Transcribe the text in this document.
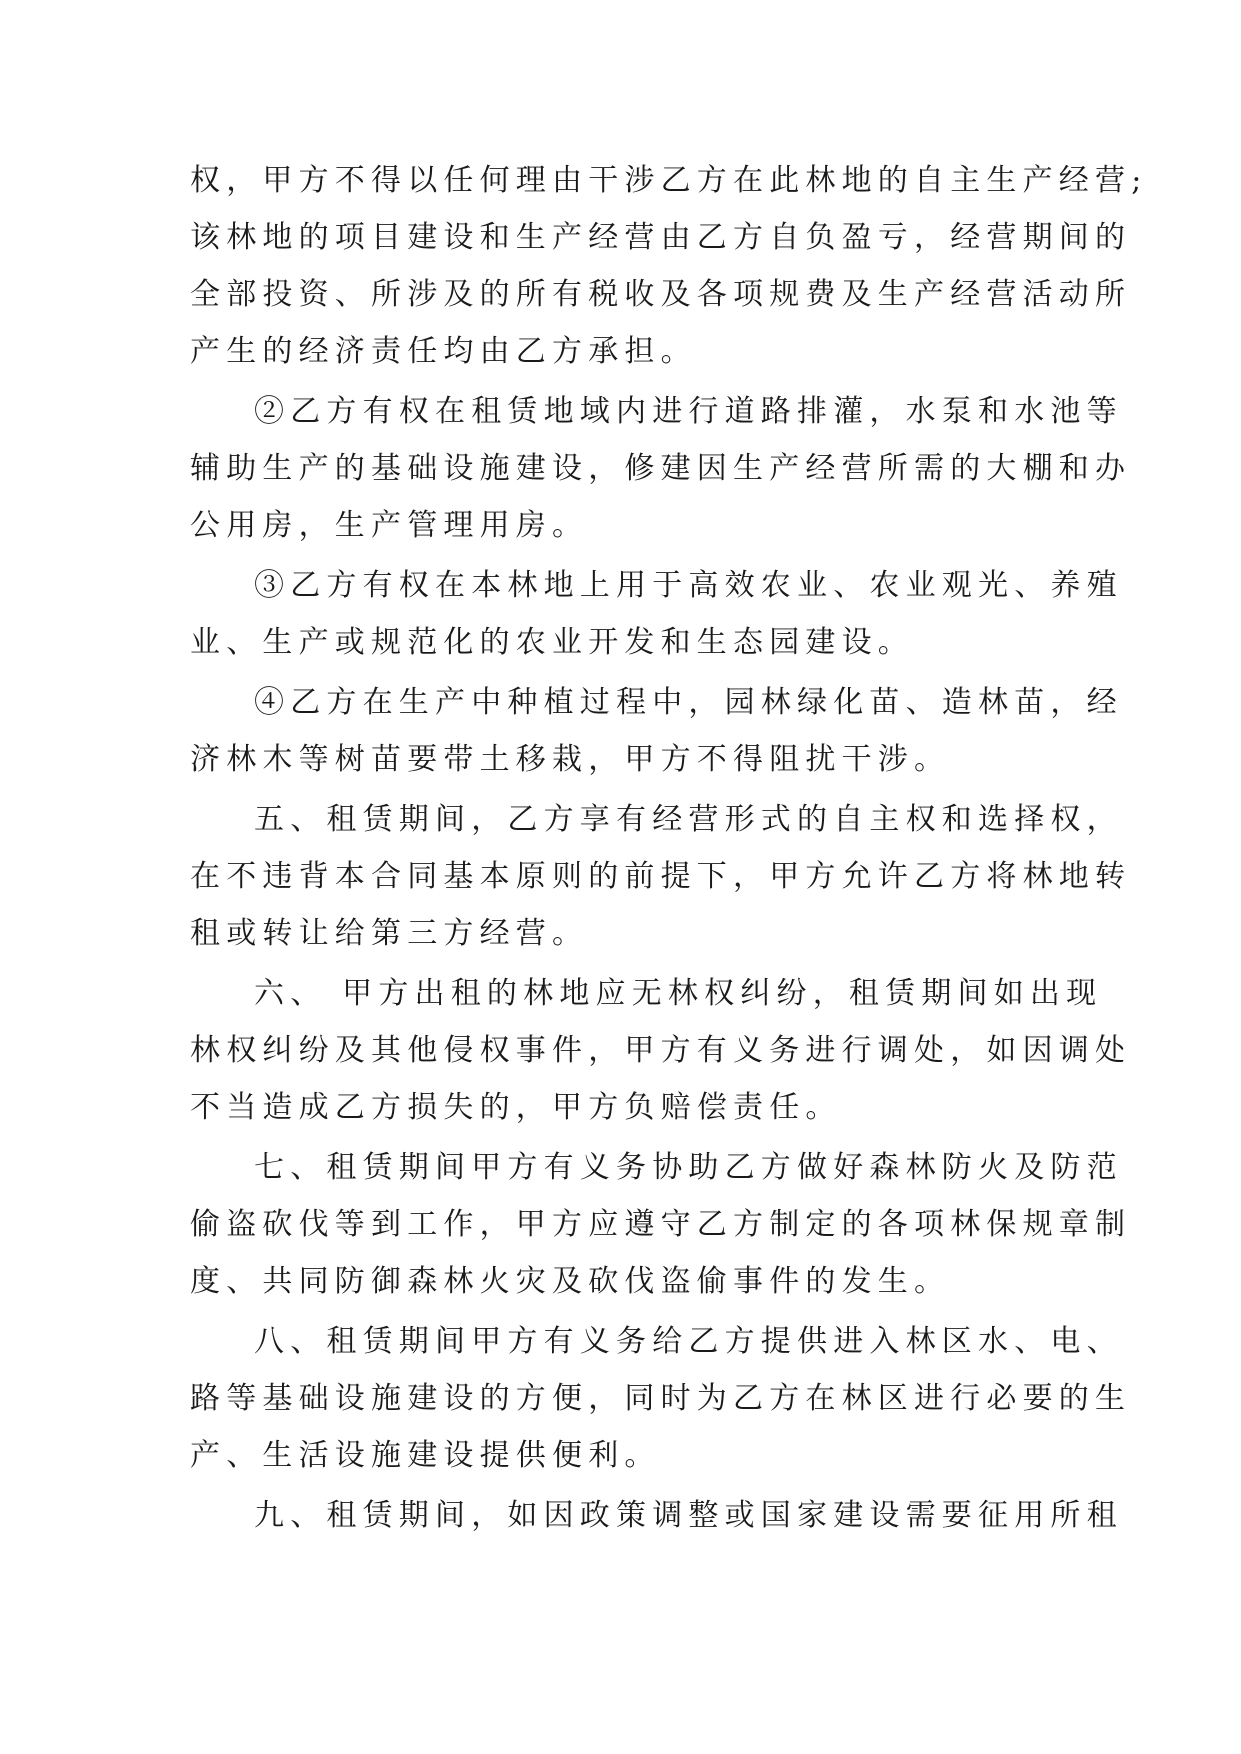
权，甲方不得以任何理由干涉乙方在此林地的自主生产经营;
该林地的项目建设和生产经营由乙方自负盈亏，经营期间的
全部投资、所涉及的所有税收及各项规费及生产经营活动所
产生的经济责任均由乙方承担。

②乙方有权在租赁地域内进行道路排灌，水泵和水池等
辅助生产的基础设施建设，修建因生产经营所需的大棚和办
公用房，生产管理用房。

③乙方有权在本林地上用于高效农业、农业观光、养殖
业、生产或规范化的农业开发和生态园建设。

④乙方在生产中种植过程中，园林绿化苗、造林苗，经
济林木等树苗要带土移栽，甲方不得阻扰干涉。

五、租赁期间，乙方享有经营形式的自主权和选择权，
在不违背本合同基本原则的前提下，甲方允许乙方将林地转
租或转让给第三方经营。

六、 甲方出租的林地应无林权纠纷，租赁期间如出现
林权纠纷及其他侵权事件，甲方有义务进行调处，如因调处
不当造成乙方损失的，甲方负赔偿责任。

七、租赁期间甲方有义务协助乙方做好森林防火及防范
偷盗砍伐等到工作，甲方应遵守乙方制定的各项林保规章制
度、共同防御森林火灾及砍伐盗偷事件的发生。

八、租赁期间甲方有义务给乙方提供进入林区水、电、
路等基础设施建设的方便，同时为乙方在林区进行必要的生
产、生活设施建设提供便利。

九、租赁期间，如因政策调整或国家建设需要征用所租
